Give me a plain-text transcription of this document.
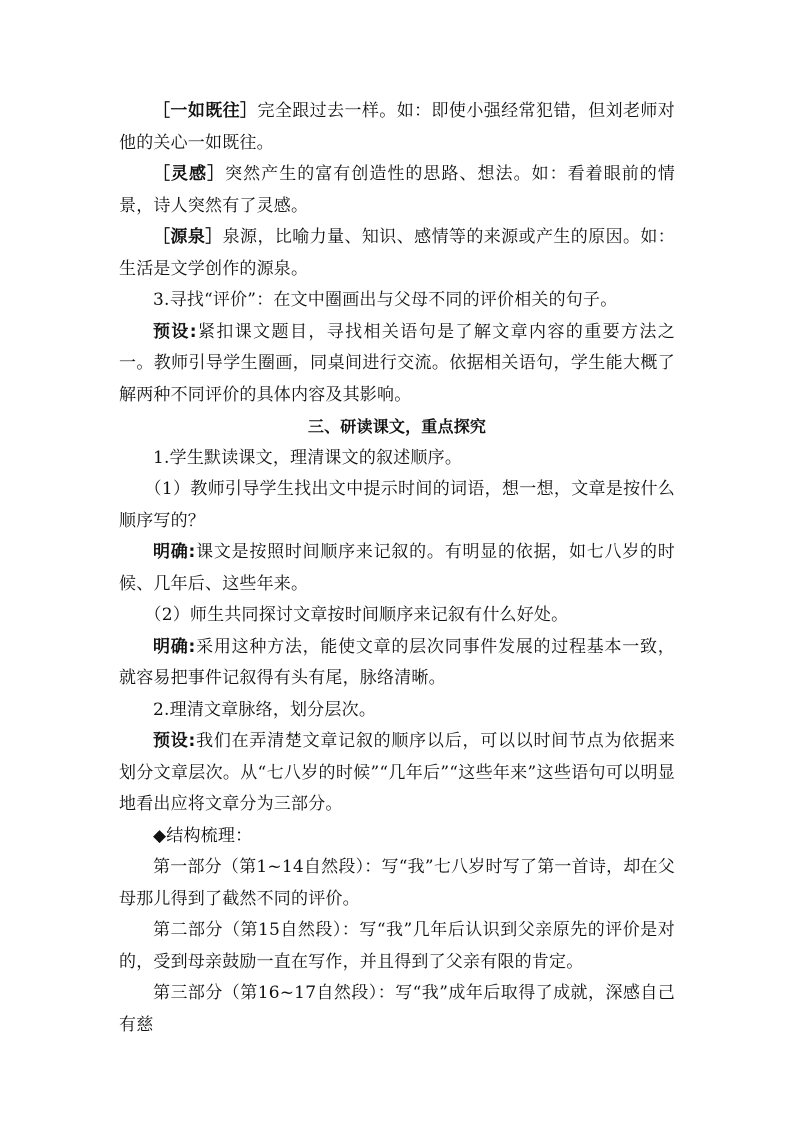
［一如既往］完全跟过去一样。如：即使小强经常犯错，但刘老师对他的关心一如既往。

［灵感］突然产生的富有创造性的思路、想法。如：看着眼前的情景，诗人突然有了灵感。

［源泉］泉源，比喻力量、知识、感情等的来源或产生的原因。如：生活是文学创作的源泉。

3.寻找“评价”：在文中圈画出与父母不同的评价相关的句子。

预设:紧扣课文题目，寻找相关语句是了解文章内容的重要方法之一。教师引导学生圈画，同桌间进行交流。依据相关语句，学生能大概了解两种不同评价的具体内容及其影响。

三、研读课文，重点探究

1.学生默读课文，理清课文的叙述顺序。

（1）教师引导学生找出文中提示时间的词语，想一想，文章是按什么顺序写的？

明确:课文是按照时间顺序来记叙的。有明显的依据，如七八岁的时候、几年后、这些年来。

（2）师生共同探讨文章按时间顺序来记叙有什么好处。

明确:采用这种方法，能使文章的层次同事件发展的过程基本一致，就容易把事件记叙得有头有尾，脉络清晰。

2.理清文章脉络，划分层次。

预设:我们在弄清楚文章记叙的顺序以后，可以以时间节点为依据来划分文章层次。从“七八岁的时候”“几年后”“这些年来”这些语句可以明显地看出应将文章分为三部分。

◆结构梳理：

第一部分（第1~14自然段）：写“我”七八岁时写了第一首诗，却在父母那儿得到了截然不同的评价。

第二部分（第15自然段）：写“我”几年后认识到父亲原先的评价是对的，受到母亲鼓励一直在写作，并且得到了父亲有限的肯定。

第三部分（第16~17自然段）：写“我”成年后取得了成就，深感自己有慈
